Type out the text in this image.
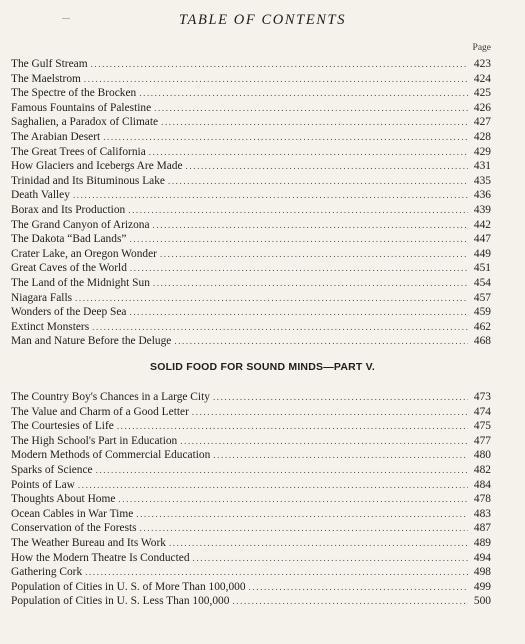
TABLE OF CONTENTS
Page
The Gulf Stream .....	423
The Maelstrom .....	424
The Spectre of the Brocken .....	425
Famous Fountains of Palestine .....	426
Saghalien, a Paradox of Climate .....	427
The Arabian Desert .....	428
The Great Trees of California .....	429
How Glaciers and Icebergs Are Made .....	431
Trinidad and Its Bituminous Lake .....	435
Death Valley .....	436
Borax and Its Production .....	439
The Grand Canyon of Arizona .....	442
The Dakota “Bad Lands” .....	447
Crater Lake, an Oregon Wonder .....	449
Great Caves of the World .....	451
The Land of the Midnight Sun .....	454
Niagara Falls .....	457
Wonders of the Deep Sea .....	459
Extinct Monsters .....	462
Man and Nature Before the Deluge .....	468
SOLID FOOD FOR SOUND MINDS—PART V.
The Country Boy's Chances in a Large City .....	473
The Value and Charm of a Good Letter .....	474
The Courtesies of Life .....	475
The High School's Part in Education .....	477
Modern Methods of Commercial Education .....	480
Sparks of Science .....	482
Points of Law .....	484
Thoughts About Home .....	478
Ocean Cables in War Time .....	483
Conservation of the Forests .....	487
The Weather Bureau and Its Work .....	489
How the Modern Theatre Is Conducted .....	494
Gathering Cork .....	498
Population of Cities in U. S. of More Than 100,000 .....	499
Population of Cities in U. S. Less Than 100,000 .....	500
